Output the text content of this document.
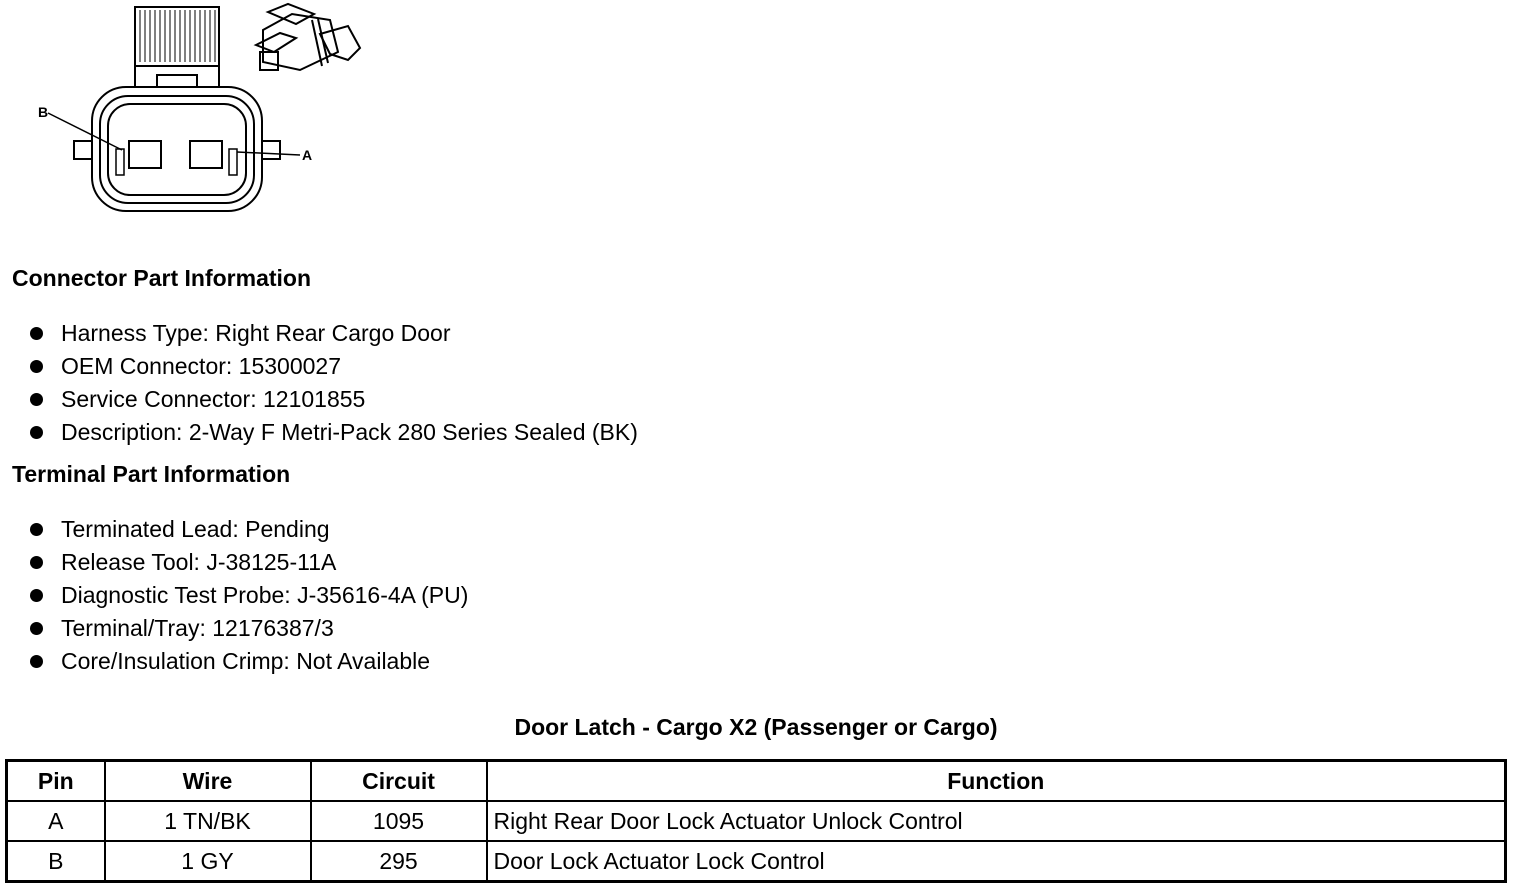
B
A
Connector Part Information
Harness Type: Right Rear Cargo Door
OEM Connector: 15300027
Service Connector: 12101855
Description: 2-Way F Metri-Pack 280 Series Sealed (BK)
Terminal Part Information
Terminated Lead: Pending
Release Tool: J-38125-11A
Diagnostic Test Probe: J-35616-4A (PU)
Terminal/Tray: 12176387/3
Core/Insulation Crimp: Not Available
Door Latch - Cargo X2 (Passenger or Cargo)
Pin	Wire	Circuit	Function
A	1 TN/BK	1095	Right Rear Door Lock Actuator Unlock Control
B	1 GY	295	Door Lock Actuator Lock Control
